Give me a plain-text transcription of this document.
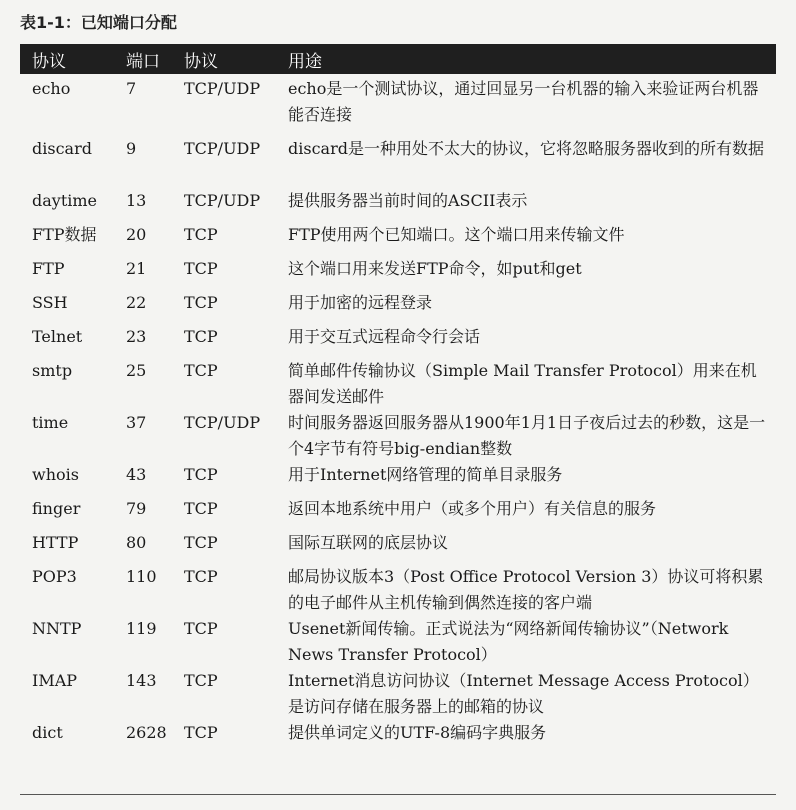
表1-1：已知端口分配
协议	端口	协议	用途
echo	7	TCP/UDP	echo是一个测试协议，通过回显另一台机器的输入来验证两台机器能否连接
discard	9	TCP/UDP	discard是一种用处不太大的协议，它将忽略服务器收到的所有数据
daytime	13	TCP/UDP	提供服务器当前时间的ASCII表示
FTP数据	20	TCP	FTP使用两个已知端口。这个端口用来传输文件
FTP	21	TCP	这个端口用来发送FTP命令，如put和get
SSH	22	TCP	用于加密的远程登录
Telnet	23	TCP	用于交互式远程命令行会话
smtp	25	TCP	简单邮件传输协议（Simple Mail Transfer Protocol）用来在机器间发送邮件
time	37	TCP/UDP	时间服务器返回服务器从1900年1月1日子夜后过去的秒数，这是一个4字节有符号big-endian整数
whois	43	TCP	用于Internet网络管理的简单目录服务
finger	79	TCP	返回本地系统中用户（或多个用户）有关信息的服务
HTTP	80	TCP	国际互联网的底层协议
POP3	110	TCP	邮局协议版本3（Post Office Protocol Version 3）协议可将积累的电子邮件从主机传输到偶然连接的客户端
NNTP	119	TCP	Usenet新闻传输。正式说法为“网络新闻传输协议”（Network News Transfer Protocol）
IMAP	143	TCP	Internet消息访问协议（Internet Message Access Protocol）是访问存储在服务器上的邮箱的协议
dict	2628	TCP	提供单词定义的UTF-8编码字典服务
